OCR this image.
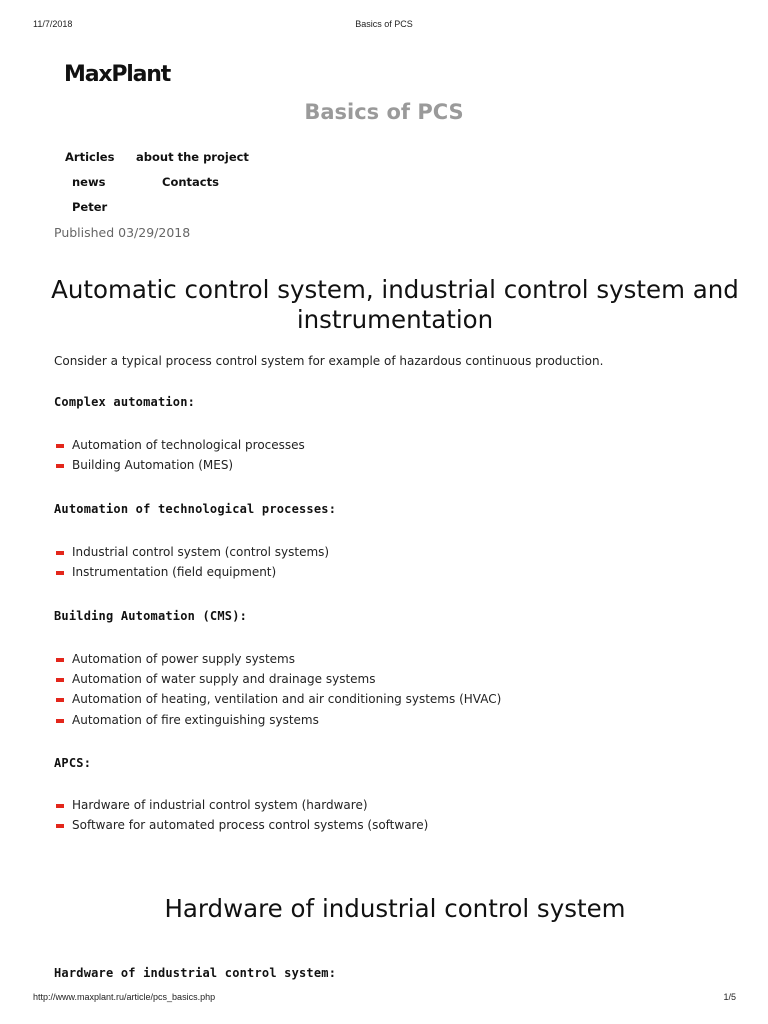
11/7/2018	Basics of PCS
MaxPlant
Basics of PCS
Articles about the project
news	Contacts
Peter
Published 03/29/2018
Automatic control system, industrial control system and instrumentation

Consider a typical process control system for example of hazardous continuous production.

Complex automation:

Automation of technological processes
Building Automation (MES)

Automation of technological processes:

Industrial control system (control systems)
Instrumentation (field equipment)

Building Automation (CMS):

Automation of power supply systems
Automation of water supply and drainage systems
Automation of heating, ventilation and air conditioning systems (HVAC)
Automation of fire extinguishing systems

APCS:

Hardware of industrial control system (hardware)
Software for automated process control systems (software)
Hardware of industrial control system

Hardware of industrial control system:

http://www.maxplant.ru/article/pcs_basics.php	1/5
